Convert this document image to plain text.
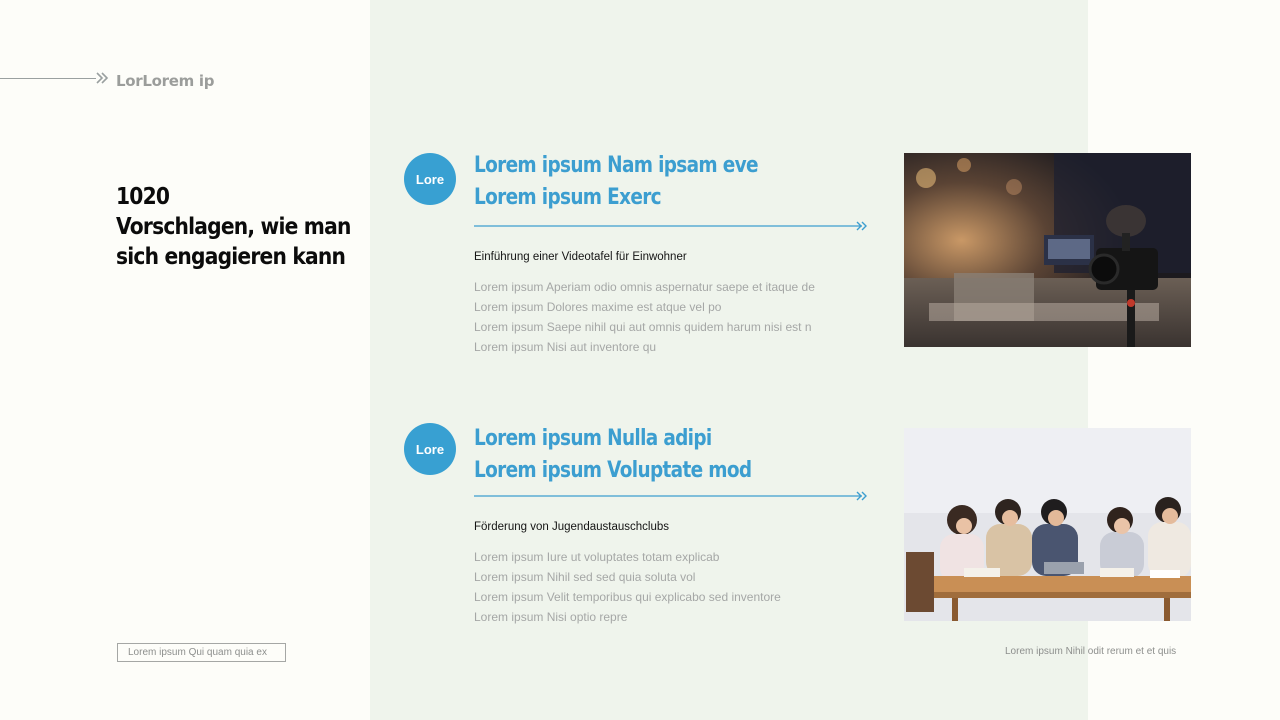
LorLorem ip
1020
Vorschlagen, wie man
sich engagieren kann
Lore
Lorem ipsum Nam ipsam eve
Lorem ipsum Exerc
Einführung einer Videotafel für Einwohner
Lorem ipsum Aperiam odio omnis aspernatur saepe et itaque de
Lorem ipsum Dolores maxime est atque vel po
Lorem ipsum Saepe nihil qui aut omnis quidem harum nisi est n
Lorem ipsum Nisi aut inventore qu
Lore	Lorem ipsum Nulla adipi
Lorem ipsum Voluptate mod
Förderung von Jugendaustauschclubs
Lorem ipsum Iure ut voluptates totam explicab
Lorem ipsum Nihil sed sed quia soluta vol
Lorem ipsum Velit temporibus qui explicabo sed inventore
Lorem ipsum Nisi optio repre
Lorem ipsum Qui quam quia ex	Lorem ipsum Nihil odit rerum et et quis
